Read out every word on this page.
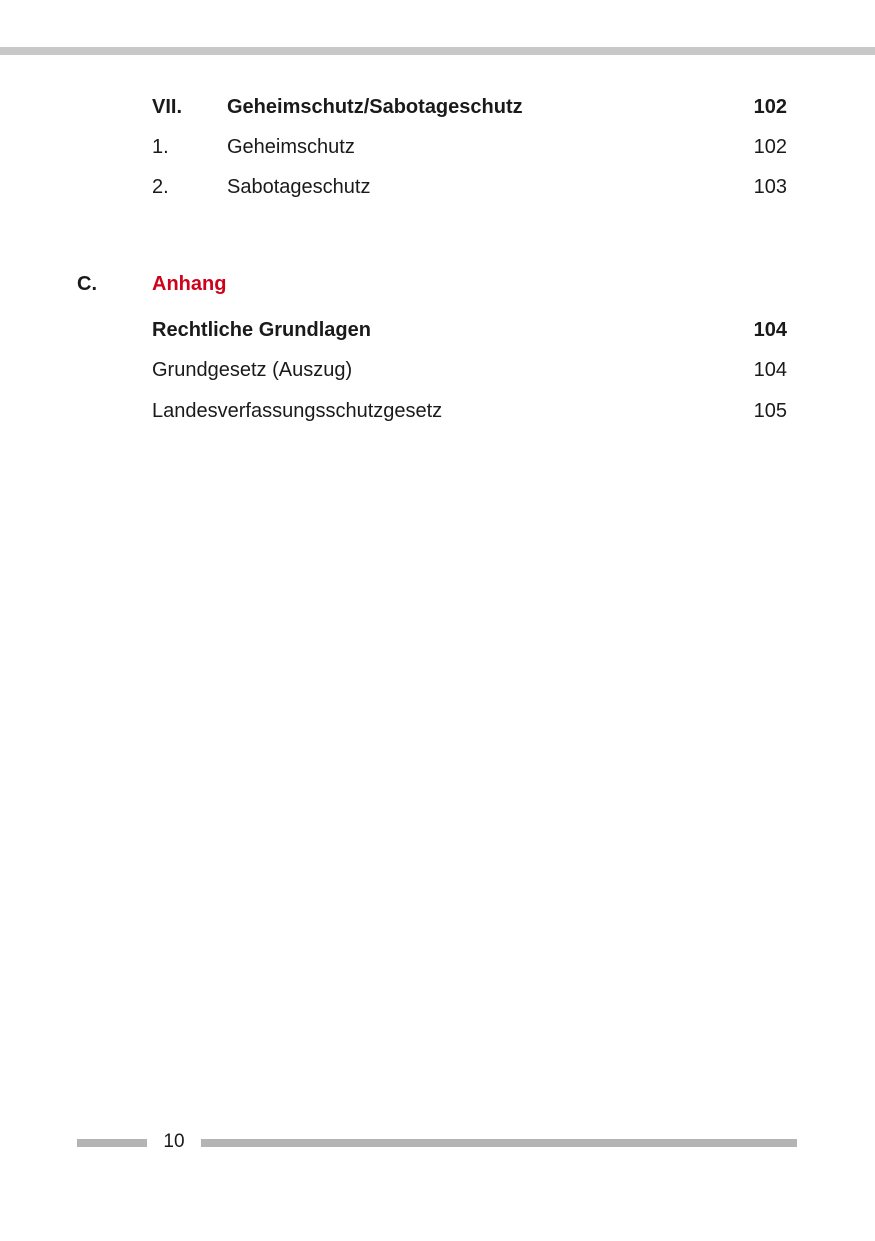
VII. Geheimschutz/Sabotageschutz	102
1.	Geheimschutz	102
2.	Sabotageschutz	103
C.	Anhang
Rechtliche Grundlagen	104
Grundgesetz (Auszug)	104
Landesverfassungsschutzgesetz	105
10
